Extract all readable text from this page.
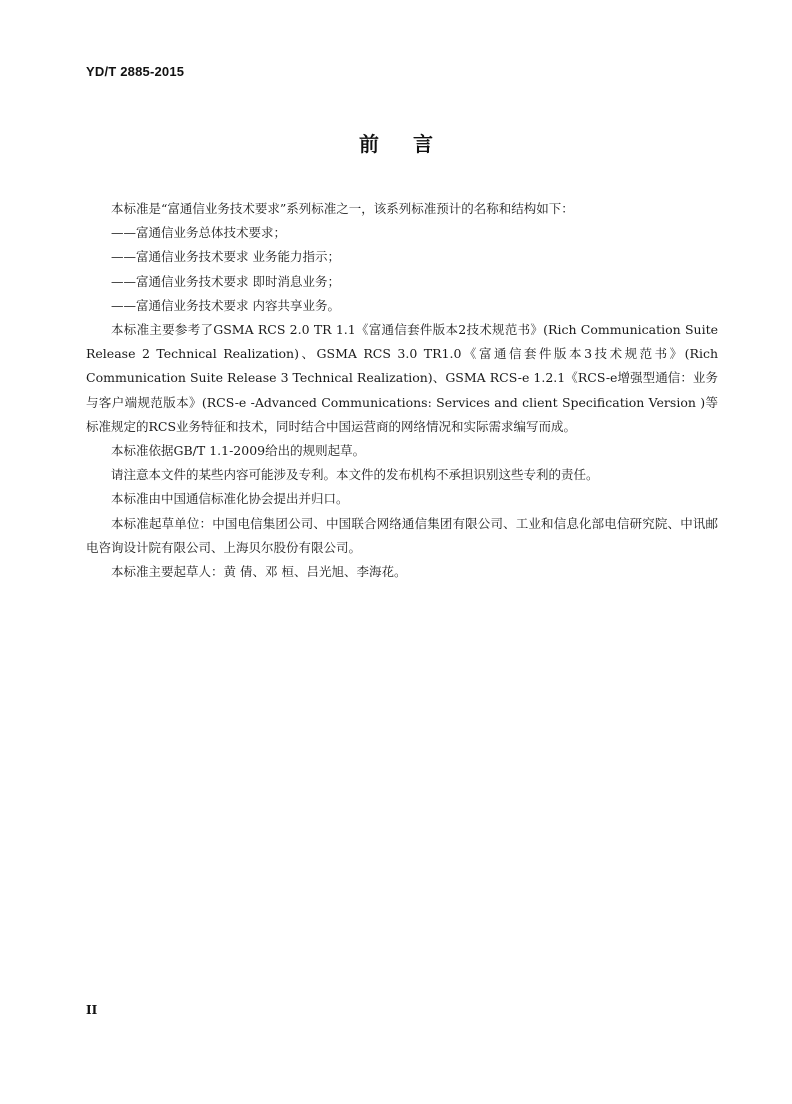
YD/T 2885-2015
前言

本标准是“富通信业务技术要求”系列标准之一，该系列标准预计的名称和结构如下：

——富通信业务总体技术要求；

——富通信业务技术要求 业务能力指示；

——富通信业务技术要求 即时消息业务；

——富通信业务技术要求 内容共享业务。

本标准主要参考了GSMA RCS 2.0 TR 1.1《富通信套件版本2技术规范书》(Rich Communication Suite Release 2 Technical Realization)、GSMA RCS 3.0 TR1.0《富通信套件版本3技术规范书》(Rich Communication Suite Release 3 Technical Realization)、GSMA RCS-e 1.2.1《RCS-e增强型通信：业务与客户端规范版本》(RCS-e -Advanced Communications: Services and client Specification Version )等标准规定的RCS业务特征和技术，同时结合中国运营商的网络情况和实际需求编写而成。

本标准依据GB/T 1.1-2009给出的规则起草。

请注意本文件的某些内容可能涉及专利。本文件的发布机构不承担识别这些专利的责任。

本标准由中国通信标准化协会提出并归口。

本标准起草单位：中国电信集团公司、中国联合网络通信集团有限公司、工业和信息化部电信研究院、中讯邮电咨询设计院有限公司、上海贝尔股份有限公司。

本标准主要起草人：黄 倩、邓 桓、吕光旭、李海花。

II
